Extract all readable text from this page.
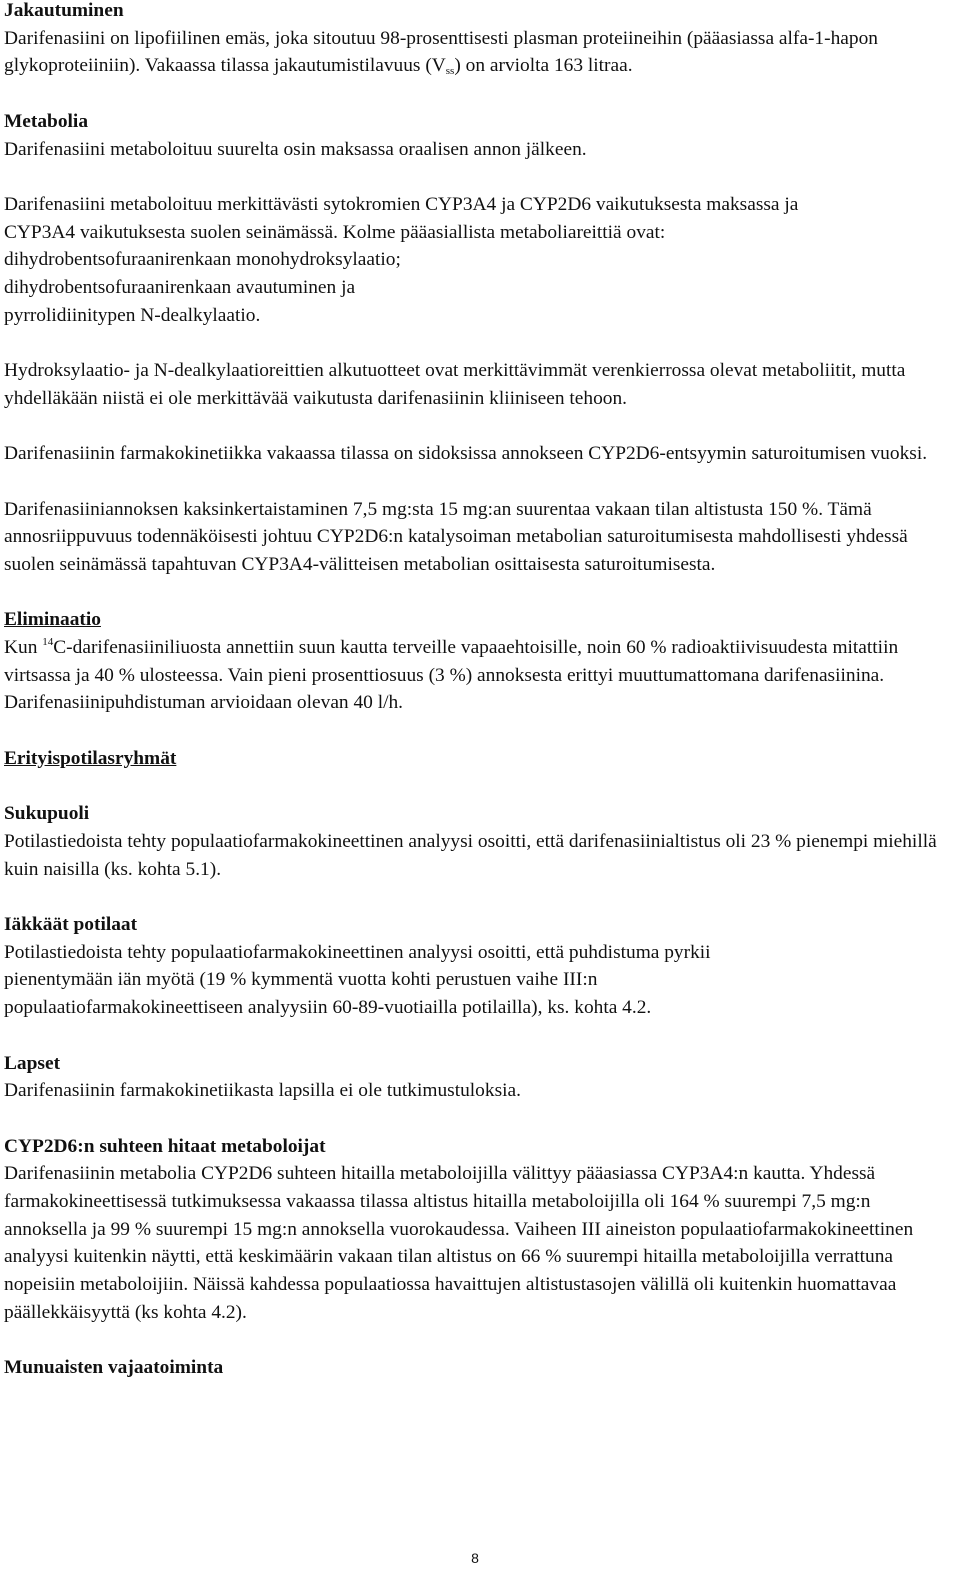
Jakautuminen
Darifenasiini on lipofiilinen emäs, joka sitoutuu 98-prosenttisesti plasman proteiineihin (pääasiassa alfa-1-hapon glykoproteiiniin). Vakaassa tilassa jakautumistilavuus $(V_{ss})$ on arviolta 163 litraa.
Metabolia
Darifenasiini metaboloituu suurelta osin maksassa oraalisen annon jälkeen.
Darifenasiini metaboloituu merkittävästi sytokromien CYP3A4 ja CYP2D6 vaikutuksesta maksassa ja
CYP3A4 vaikutuksesta suolen seinämässä. Kolme pääasiallista metaboliareittiä ovat:
dihydrobentsofuraanirenkaan monohydroksylaatio;
dihydrobentsofuraanirenkaan avautuminen ja
pyrrolidiinitypen N-dealkylaatio.
Hydroksylaatio- ja N-dealkylaatioreittien alkutuotteet ovat merkittävimmät verenkierrossa olevat metaboliitit, mutta yhdelläkään niistä ei ole merkittävää vaikutusta darifenasiinin kliiniseen tehoon.
Darifenasiinin farmakokinetiikka vakaassa tilassa on sidoksissa annokseen CYP2D6-entsyymin saturoitumisen vuoksi.
Darifenasiiniannoksen kaksinkertaistaminen 7,5 mg:sta 15 mg:an suurentaa vakaan tilan altistusta 150 %. Tämä annosriippuvuus todennäköisesti johtuu CYP2D6:n katalysoiman metabolian saturoitumisesta mahdollisesti yhdessä suolen seinämässä tapahtuvan CYP3A4-välitteisen metabolian osittaisesta saturoitumisesta.
Eliminaatio
Kun $^{14}$C-darifenasiiniliuosta annettiin suun kautta terveille vapaaehtoisille, noin 60 % radioaktiivisuudesta mitattiin virtsassa ja 40 % ulosteessa. Vain pieni prosenttiosuus (3 %) annoksesta erittyi muuttumattomana darifenasiinina. Darifenasiinipuhdistuman arvioidaan olevan 40 l/h.
Erityispotilasryhmät
Sukupuoli
Potilastiedoista tehty populaatiofarmakokineettinen analyysi osoitti, että darifenasiinialtistus oli 23 % pienempi miehillä kuin naisilla (ks. kohta 5.1).
Iäkkäät potilaat
Potilastiedoista tehty populaatiofarmakokineettinen analyysi osoitti, että puhdistuma pyrkii
pienentymään iän myötä (19 % kymmentä vuotta kohti perustuen vaihe III:n
populaatiofarmakokineettiseen analyysiin 60-89-vuotiailla potilailla), ks. kohta 4.2.
Lapset
Darifenasiinin farmakokinetiikasta lapsilla ei ole tutkimustuloksia.
CYP2D6:n suhteen hitaat metaboloijat
Darifenasiinin metabolia CYP2D6 suhteen hitailla metaboloijilla välittyy pääasiassa CYP3A4:n kautta. Yhdessä farmakokineettisessä tutkimuksessa vakaassa tilassa altistus hitailla metaboloijilla oli 164 % suurempi 7,5 mg:n annoksella ja 99 % suurempi 15 mg:n annoksella vuorokaudessa. Vaiheen III aineiston populaatiofarmakokineettinen analyysi kuitenkin näytti, että keskimäärin vakaan tilan altistus on 66 % suurempi hitailla metaboloijilla verrattuna nopeisiin metaboloijiin. Näissä kahdessa populaatiossa havaittujen altistustasojen välillä oli kuitenkin huomattavaa päällekkäisyyttä (ks kohta 4.2).
Munuaisten vajaatoiminta
8
